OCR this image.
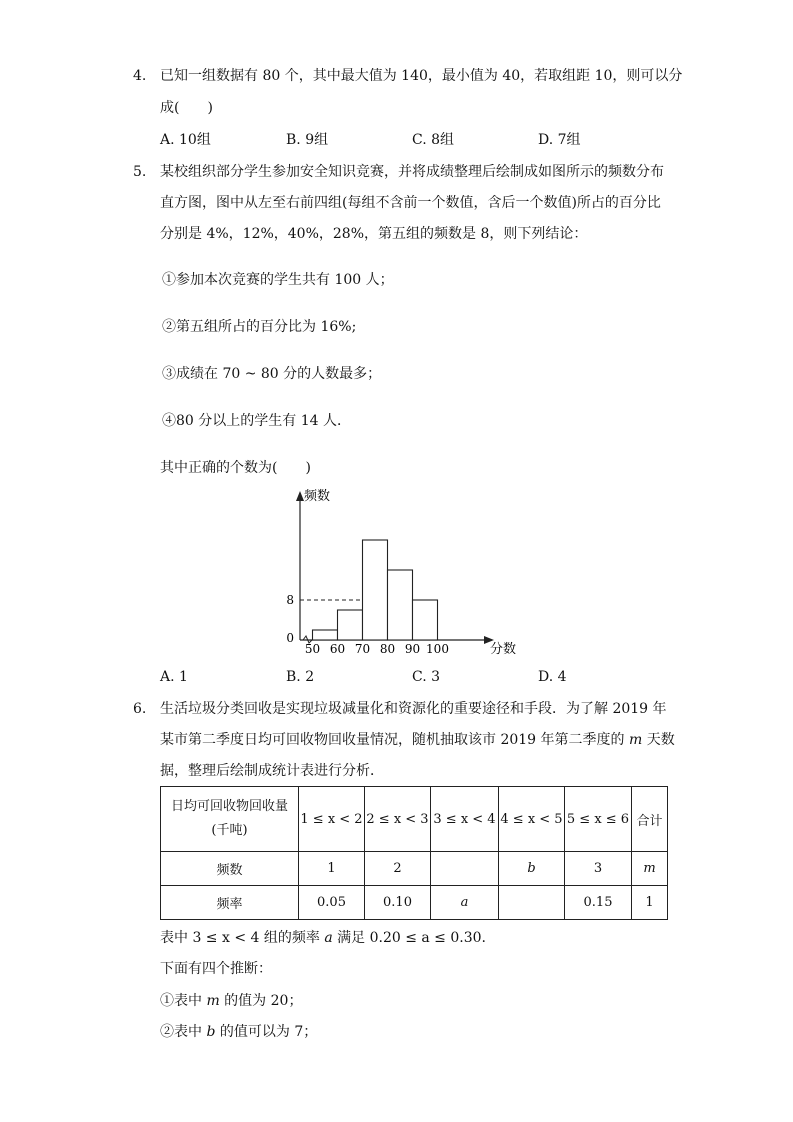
4. 已知一组数据有 80 个，其中最大值为 140，最小值为 40，若取组距 10，则可以分
成(　　)
A. 10组	B. 9组	C. 8组	D. 7组
5. 某校组织部分学生参加安全知识竞赛，并将成绩整理后绘制成如图所示的频数分布
直方图，图中从左至右前四组(每组不含前一个数值，含后一个数值)所占的百分比
分别是 4%，12%，40%，28%，第五组的频数是 8，则下列结论：
①参加本次竞赛的学生共有 100 人；
②第五组所占的百分比为 16%;
③成绩在 70 ~ 80 分的人数最多；
④80 分以上的学生有 14 人．
其中正确的个数为(　　)
50 60 70 80 90 100
0
8
频数
分数
A. 1	B. 2	C. 3	D. 4
6. 生活垃圾分类回收是实现垃圾减量化和资源化的重要途径和手段．为了解 2019 年
某市第二季度日均可回收物回收量情况，随机抽取该市 2019 年第二季度的 m 天数
据，整理后绘制成统计表进行分析．
日均可回收物回收量
(千吨)	1 ≤ x < 2	2 ≤ x < 3	3 ≤ x < 4	4 ≤ x < 5	5 ≤ x ≤ 6	合计
频数	1	2		b	3	m
频率	0.05	0.10	a		0.15	1
表中 3 ≤ x < 4 组的频率 a 满足 0.20 ≤ a ≤ 0.30.
下面有四个推断：
①表中 m 的值为 20；
②表中 b 的值可以为 7；
